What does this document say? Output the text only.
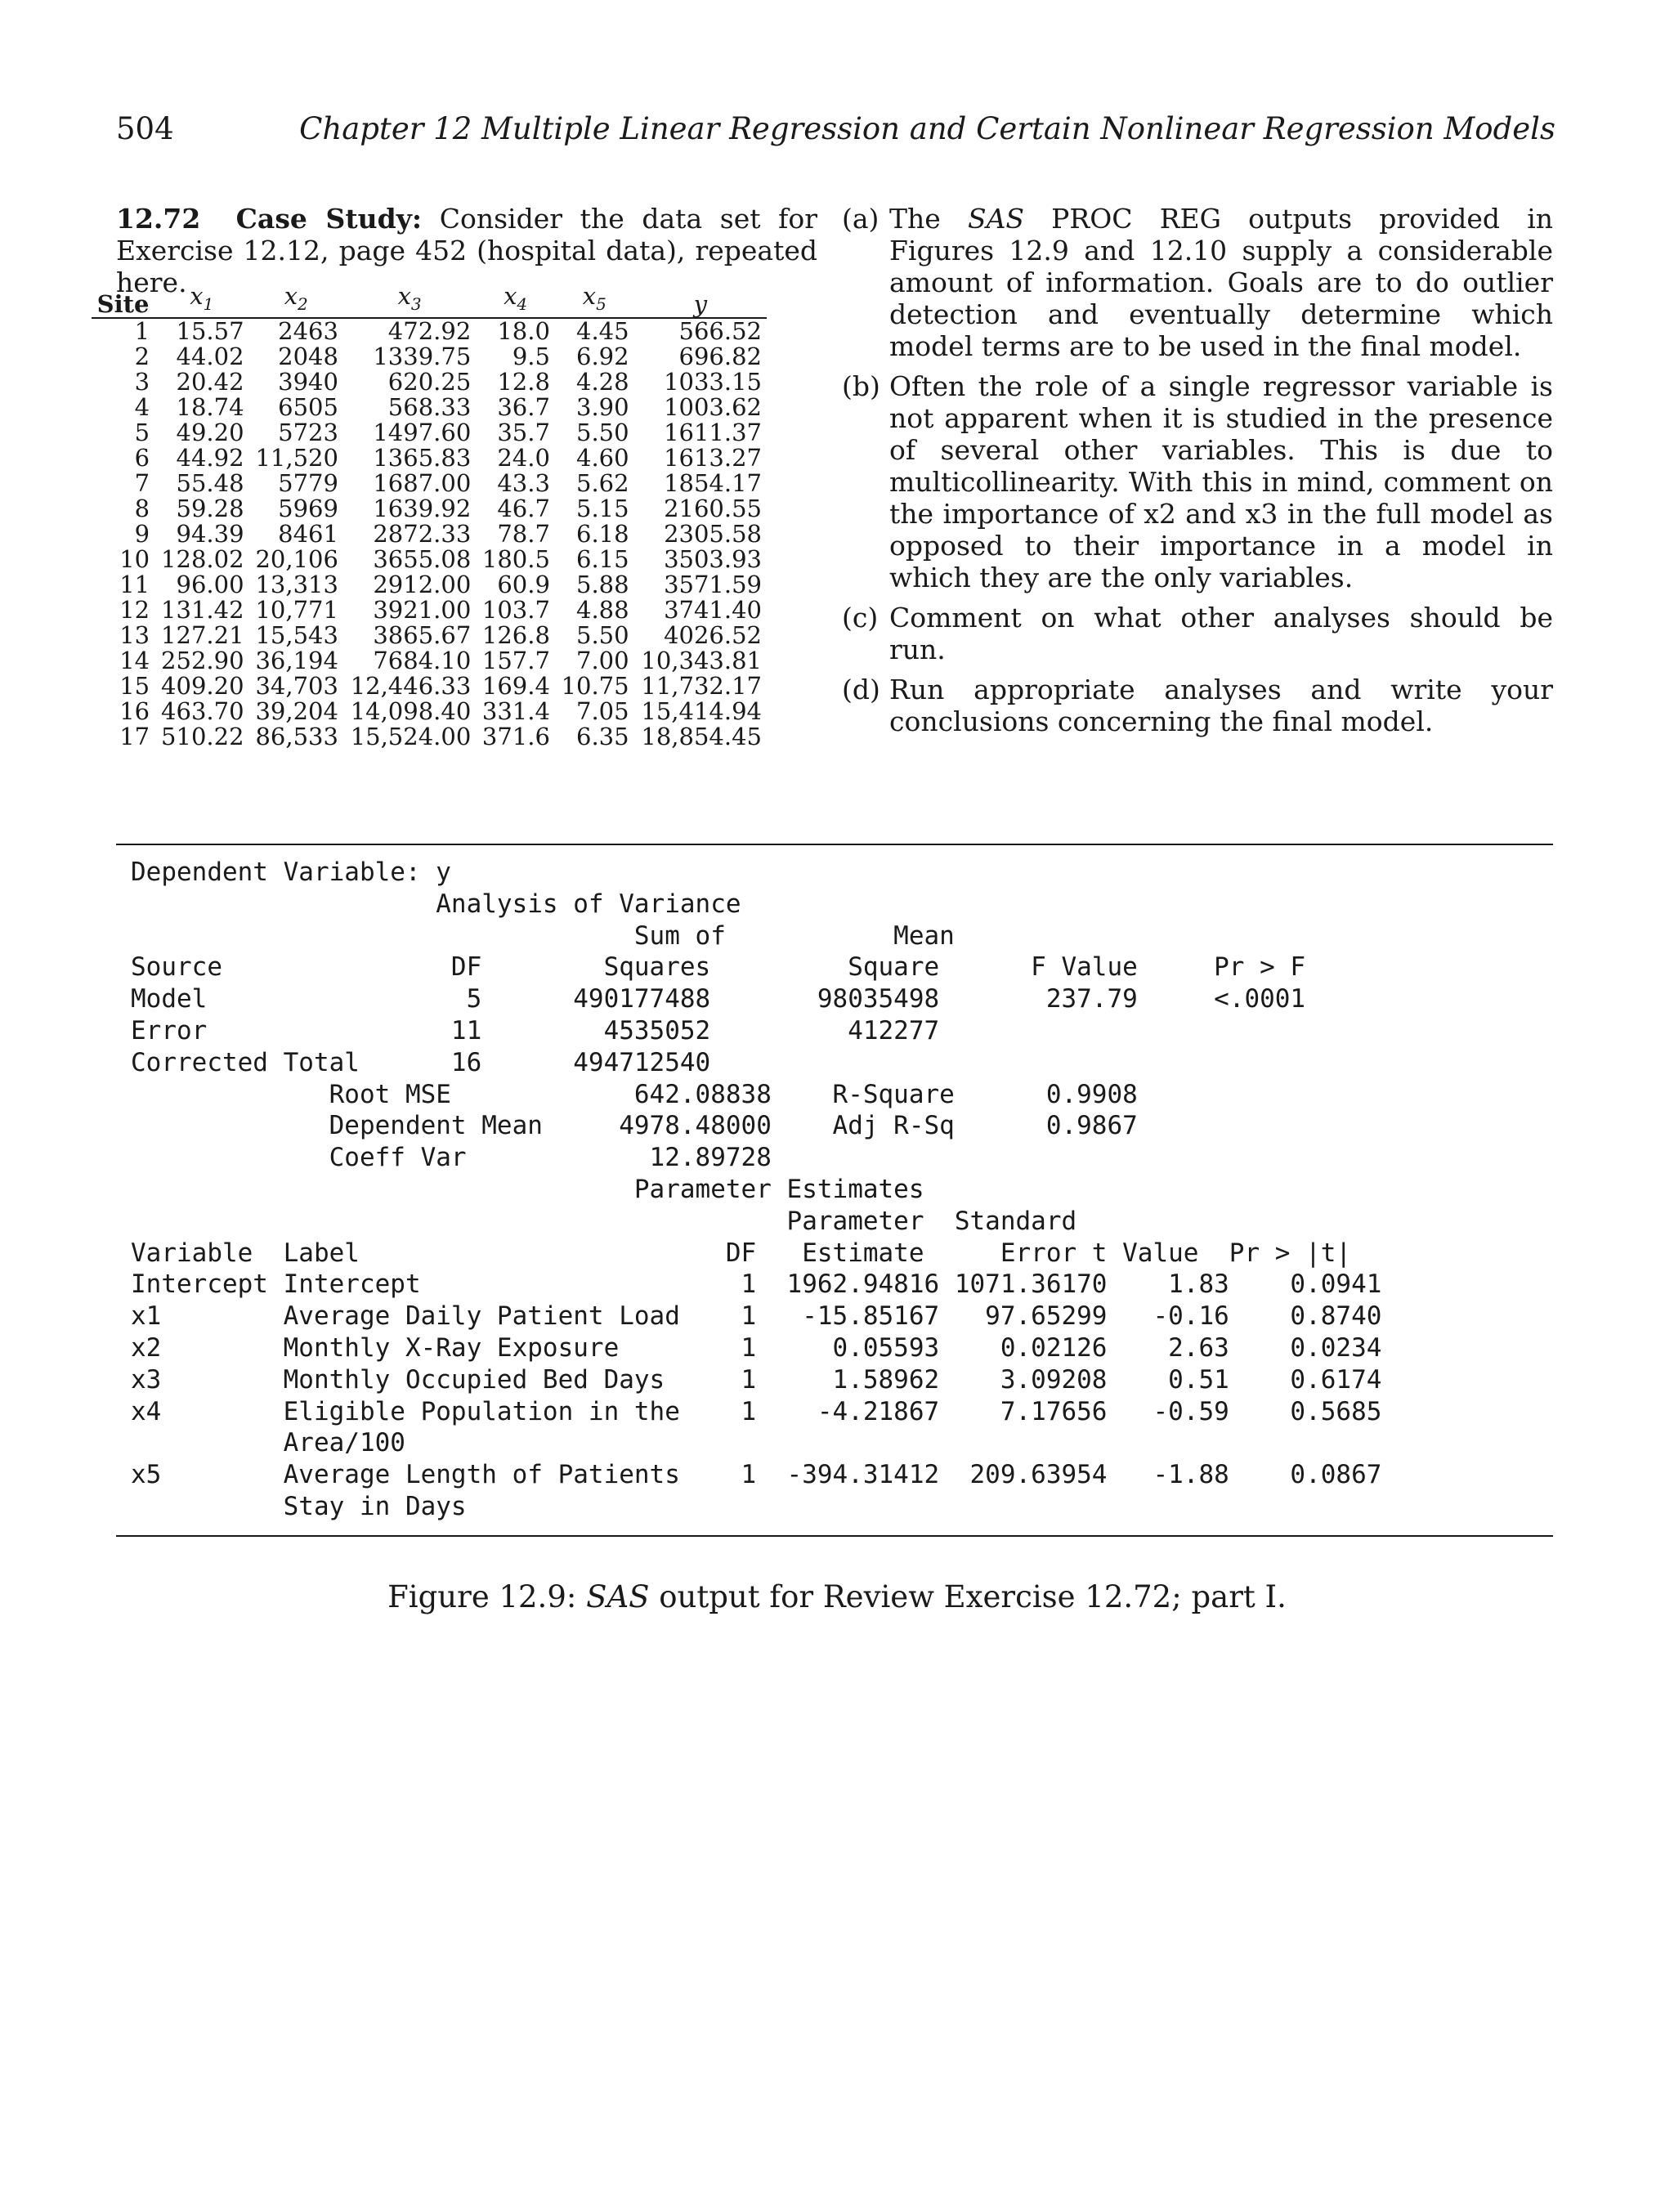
504	Chapter 12 Multiple Linear Regression and Certain Nonlinear Regression Models
12.72 Case Study: Consider the data set for Exercise 12.12, page 452 (hospital data), repeated here.
Site	$x_1$	$x_2$	$x_3$	$x_4$	$x_5$	y
1	15.57	2463	472.92	18.0	4.45	566.52
2	44.02	2048	1339.75	9.5	6.92	696.82
3	20.42	3940	620.25	12.8	4.28	1033.15
4	18.74	6505	568.33	36.7	3.90	1003.62
5	49.20	5723	1497.60	35.7	5.50	1611.37
6	44.92	11,520	1365.83	24.0	4.60	1613.27
7	55.48	5779	1687.00	43.3	5.62	1854.17
8	59.28	5969	1639.92	46.7	5.15	2160.55
9	94.39	8461	2872.33	78.7	6.18	2305.58
10	128.02	20,106	3655.08	180.5	6.15	3503.93
11	96.00	13,313	2912.00	60.9	5.88	3571.59
12	131.42	10,771	3921.00	103.7	4.88	3741.40
13	127.21	15,543	3865.67	126.8	5.50	4026.52
14	252.90	36,194	7684.10	157.7	7.00	10,343.81
15	409.20	34,703	12,446.33	169.4	10.75	11,732.17
16	463.70	39,204	14,098.40	331.4	7.05	15,414.94
17	510.22	86,533	15,524.00	371.6	6.35	18,854.45
(a) The SAS PROC REG outputs provided in Figures 12.9 and 12.10 supply a considerable amount of information. Goals are to do outlier detection and eventually determine which model terms are to be used in the final model.
(b) Often the role of a single regressor variable is not apparent when it is studied in the presence of several other variables. This is due to multicollinearity. With this in mind, comment on the importance of x2 and x3 in the full model as opposed to their importance in a model in which they are the only variables.
(c) Comment on what other analyses should be run.
(d) Run appropriate analyses and write your conclusions concerning the final model.
Dependent Variable: y
Analysis of Variance
Sum of           Mean
Source               DF        Squares         Square      F Value     Pr > F
Model                 5      490177488       98035498       237.79     <.0001
Error                11        4535052         412277
Corrected Total      16      494712540
Root MSE            642.08838    R-Square      0.9908
Dependent Mean     4978.48000    Adj R-Sq      0.9867
Coeff Var            12.89728
Parameter Estimates
Parameter  Standard
Variable  Label                        DF   Estimate     Error t Value  Pr > |t|
Intercept Intercept                     1  1962.94816 1071.36170    1.83    0.0941
x1        Average Daily Patient Load    1   -15.85167   97.65299   -0.16    0.8740
x2        Monthly X-Ray Exposure        1     0.05593    0.02126    2.63    0.0234
x3        Monthly Occupied Bed Days     1     1.58962    3.09208    0.51    0.6174
x4        Eligible Population in the    1    -4.21867    7.17656   -0.59    0.5685
Area/100
x5        Average Length of Patients    1  -394.31412  209.63954   -1.88    0.0867
Stay in Days
Figure 12.9: SAS output for Review Exercise 12.72; part I.
